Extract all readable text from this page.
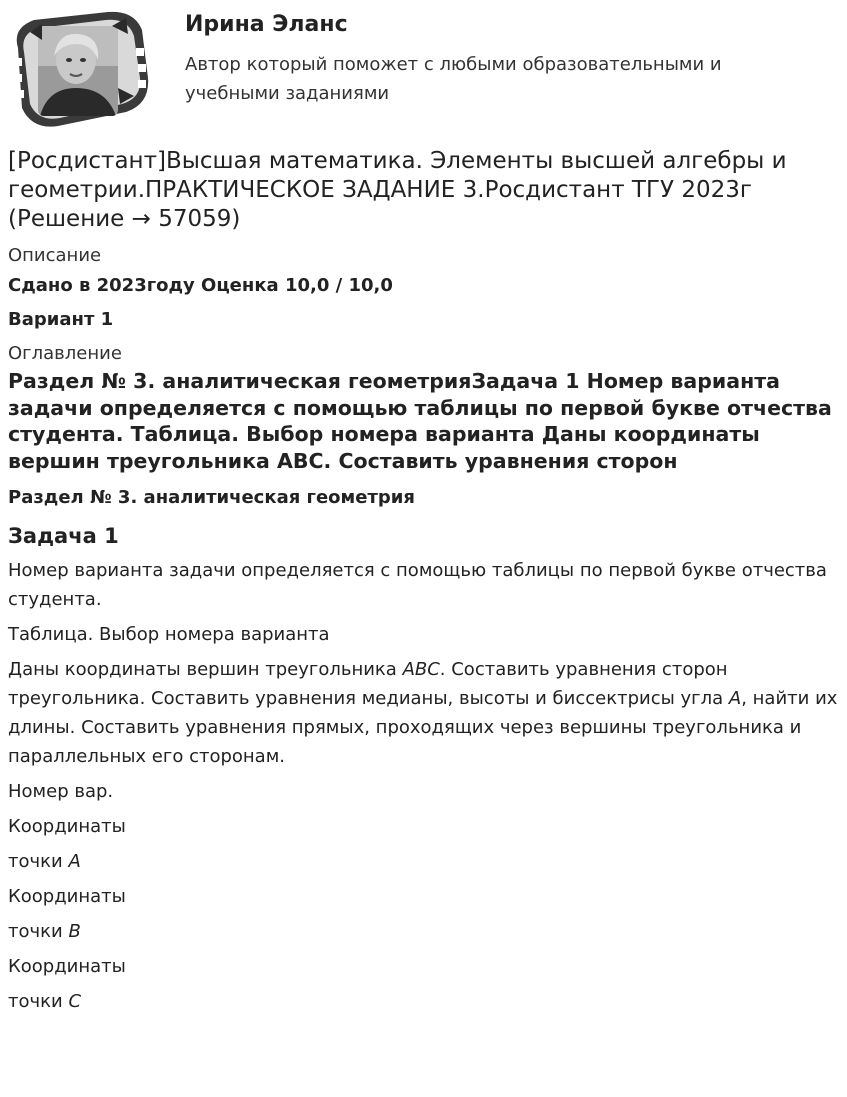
Ирина Эланс
Автор который поможет с любыми образовательными и учебными заданиями
[Росдистант]Высшая математика. Элементы высшей алгебры и геометрии.ПРАКТИЧЕСКОЕ ЗАДАНИЕ 3.Росдистант ТГУ 2023г (Решение → 57059)
Описание
Сдано в 2023году Оценка 10,0 / 10,0
Вариант 1
Оглавление
Раздел № 3. аналитическая геометрияЗадача 1 Номер варианта задачи определяется с помощью таблицы по первой букве отчества студента. Таблица. Выбор номера варианта Даны координаты вершин треугольника ABC. Составить уравнения сторон
Раздел № 3. аналитическая геометрия
Задача 1
Номер варианта задачи определяется с помощью таблицы по первой букве отчества студента.
Таблица. Выбор номера варианта
Даны координаты вершин треугольника ABC. Составить уравнения сторон треугольника. Составить уравнения медианы, высоты и биссектрисы угла A, найти их длины. Составить уравнения прямых, проходящих через вершины треугольника и параллельных его сторонам.
Номер вар.
Координаты
точки A
Координаты
точки B
Координаты
точки C
